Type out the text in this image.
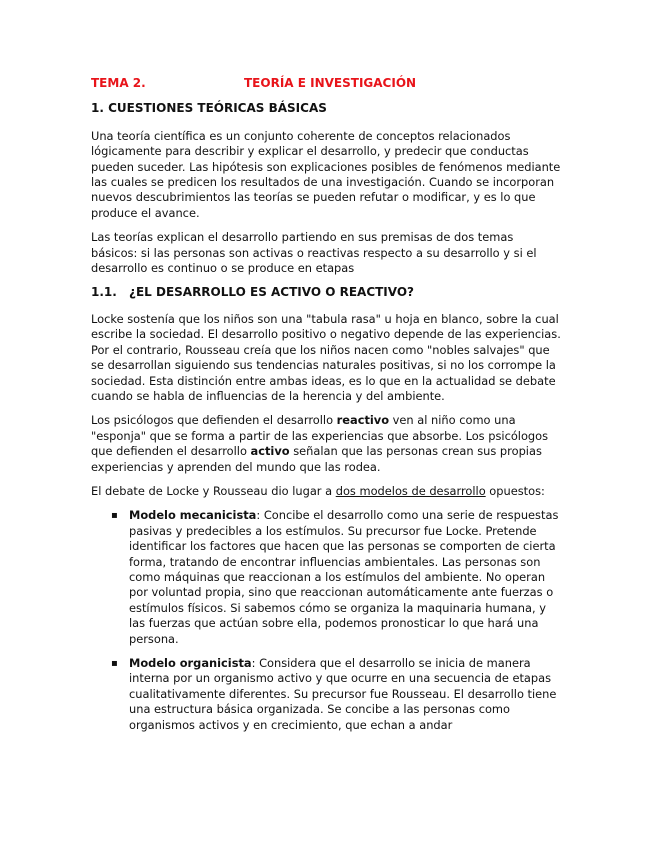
TEMA 2.	TEORÍA E INVESTIGACIÓN
1. CUESTIONES TEÓRICAS BÁSICAS

Una teoría científica es un conjunto coherente de conceptos relacionados lógicamente para describir y explicar el desarrollo, y predecir que conductas pueden suceder. Las hipótesis son explicaciones posibles de fenómenos mediante las cuales se predicen los resultados de una investigación. Cuando se incorporan nuevos descubrimientos las teorías se pueden refutar o modificar, y es lo que produce el avance.

Las teorías explican el desarrollo partiendo en sus premisas de dos temas básicos: si las personas son activas o reactivas respecto a su desarrollo y si el desarrollo es continuo o se produce en etapas

1.1.	¿EL DESARROLLO ES ACTIVO O REACTIVO?

Locke sostenía que los niños son una "tabula rasa" u hoja en blanco, sobre la cual escribe la sociedad. El desarrollo positivo o negativo depende de las experiencias. Por el contrario, Rousseau creía que los niños nacen como "nobles salvajes" que se desarrollan siguiendo sus tendencias naturales positivas, si no los corrompe la sociedad. Esta distinción entre ambas ideas, es lo que en la actualidad se debate cuando se habla de influencias de la herencia y del ambiente.

Los psicólogos que defienden el desarrollo reactivo ven al niño como una "esponja" que se forma a partir de las experiencias que absorbe. Los psicólogos que defienden el desarrollo activo señalan que las personas crean sus propias experiencias y aprenden del mundo que las rodea.

El debate de Locke y Rousseau dio lugar a dos modelos de desarrollo opuestos:

▪ Modelo mecanicista: Concibe el desarrollo como una serie de respuestas pasivas y predecibles a los estímulos. Su precursor fue Locke. Pretende identificar los factores que hacen que las personas se comporten de cierta forma, tratando de encontrar influencias ambientales. Las personas son como máquinas que reaccionan a los estímulos del ambiente. No operan por voluntad propia, sino que reaccionan automáticamente ante fuerzas o estímulos físicos. Si sabemos cómo se organiza la maquinaria humana, y las fuerzas que actúan sobre ella, podemos pronosticar lo que hará una persona.
▪ Modelo organicista: Considera que el desarrollo se inicia de manera interna por un organismo activo y que ocurre en una secuencia de etapas cualitativamente diferentes. Su precursor fue Rousseau. El desarrollo tiene una estructura básica organizada. Se concibe a las personas como organismos activos y en crecimiento, que echan a andar
